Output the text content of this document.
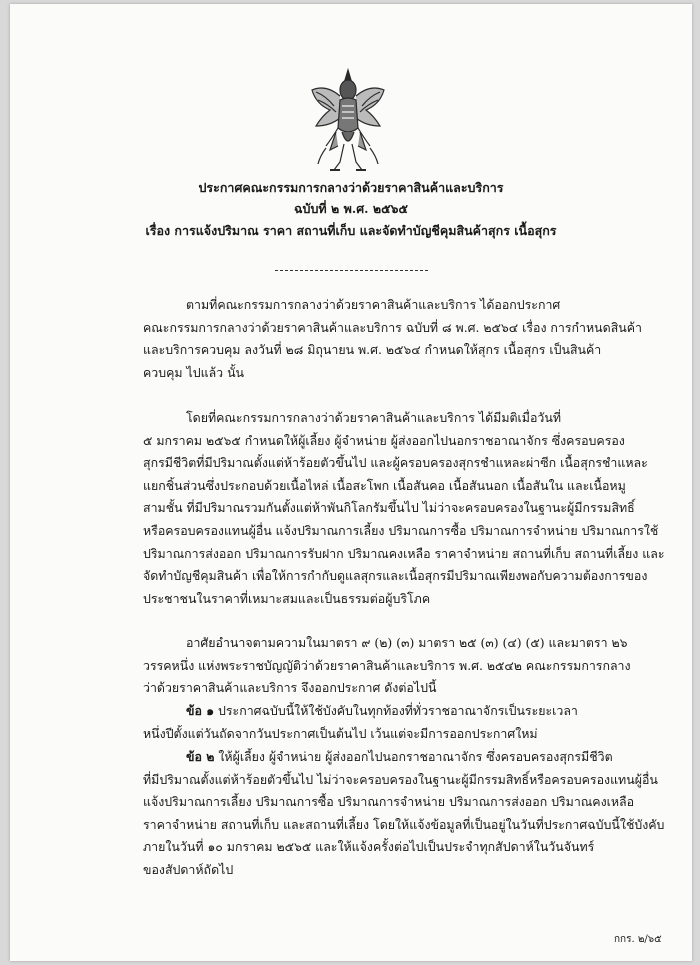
ประกาศคณะกรรมการกลางว่าด้วยราคาสินค้าและบริการ
ฉบับที่ ๒ พ.ศ. ๒๕๖๕
เรื่อง การแจ้งปริมาณ ราคา สถานที่เก็บ และจัดทำบัญชีคุมสินค้าสุกร เนื้อสุกร
ตามที่คณะกรรมการกลางว่าด้วยราคาสินค้าและบริการ ได้ออกประกาศ
คณะกรรมการกลางว่าด้วยราคาสินค้าและบริการ ฉบับที่ ๘ พ.ศ. ๒๕๖๔ เรื่อง การกำหนดสินค้า
และบริการควบคุม ลงวันที่ ๒๘ มิถุนายน พ.ศ. ๒๕๖๔ กำหนดให้สุกร เนื้อสุกร เป็นสินค้า
ควบคุม ไปแล้ว นั้น
โดยที่คณะกรรมการกลางว่าด้วยราคาสินค้าและบริการ ได้มีมติเมื่อวันที่
๕ มกราคม ๒๕๖๕ กำหนดให้ผู้เลี้ยง ผู้จำหน่าย ผู้ส่งออกไปนอกราชอาณาจักร ซึ่งครอบครอง
สุกรมีชีวิตที่มีปริมาณตั้งแต่ห้าร้อยตัวขึ้นไป และผู้ครอบครองสุกรชำแหละผ่าซีก เนื้อสุกรชำแหละ
แยกชิ้นส่วนซึ่งประกอบด้วยเนื้อไหล่ เนื้อสะโพก เนื้อสันคอ เนื้อสันนอก เนื้อสันใน และเนื้อหมู
สามชั้น ที่มีปริมาณรวมกันตั้งแต่ห้าพันกิโลกรัมขึ้นไป ไม่ว่าจะครอบครองในฐานะผู้มีกรรมสิทธิ์
หรือครอบครองแทนผู้อื่น แจ้งปริมาณการเลี้ยง ปริมาณการซื้อ ปริมาณการจำหน่าย ปริมาณการใช้
ปริมาณการส่งออก ปริมาณการรับฝาก ปริมาณคงเหลือ ราคาจำหน่าย สถานที่เก็บ สถานที่เลี้ยง และ
จัดทำบัญชีคุมสินค้า เพื่อให้การกำกับดูแลสุกรและเนื้อสุกรมีปริมาณเพียงพอกับความต้องการของ
ประชาชนในราคาที่เหมาะสมและเป็นธรรมต่อผู้บริโภค
อาศัยอำนาจตามความในมาตรา ๙ (๒) (๓) มาตรา ๒๕ (๓) (๔) (๕) และมาตรา ๒๖
วรรคหนึ่ง แห่งพระราชบัญญัติว่าด้วยราคาสินค้าและบริการ พ.ศ. ๒๕๔๒ คณะกรรมการกลาง
ว่าด้วยราคาสินค้าและบริการ จึงออกประกาศ ดังต่อไปนี้
ข้อ ๑ ประกาศฉบับนี้ให้ใช้บังคับในทุกท้องที่ทั่วราชอาณาจักรเป็นระยะเวลา
หนึ่งปีตั้งแต่วันถัดจากวันประกาศเป็นต้นไป เว้นแต่จะมีการออกประกาศใหม่
ข้อ ๒ ให้ผู้เลี้ยง ผู้จำหน่าย ผู้ส่งออกไปนอกราชอาณาจักร ซึ่งครอบครองสุกรมีชีวิต
ที่มีปริมาณตั้งแต่ห้าร้อยตัวขึ้นไป ไม่ว่าจะครอบครองในฐานะผู้มีกรรมสิทธิ์หรือครอบครองแทนผู้อื่น
แจ้งปริมาณการเลี้ยง ปริมาณการซื้อ ปริมาณการจำหน่าย ปริมาณการส่งออก ปริมาณคงเหลือ
ราคาจำหน่าย สถานที่เก็บ และสถานที่เลี้ยง โดยให้แจ้งข้อมูลที่เป็นอยู่ในวันที่ประกาศฉบับนี้ใช้บังคับ
ภายในวันที่ ๑๐ มกราคม ๒๕๖๕ และให้แจ้งครั้งต่อไปเป็นประจำทุกสัปดาห์ในวันจันทร์
ของสัปดาห์ถัดไป
กกร. ๒/๖๕
